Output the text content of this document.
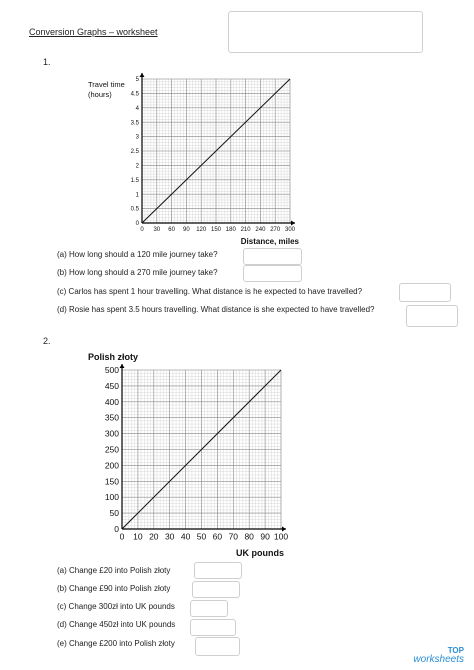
Conversion Graphs – worksheet
1.
0
0.5
1
1.5
2
2.5
3
3.5
4
4.5
5
0 30 60 90 120 150 180 210 240 270 300
Travel time
(hours)
Distance, miles
(a) How long should a 120 mile journey take?
(b) How long should a 270 mile journey take?
(c) Carlos has spent 1 hour travelling. What distance is he expected to have travelled?
(d) Rosie has spent 3.5 hours travelling. What distance is she expected to have travelled?
2.
0
50
100
150
200
250
300
350
400
450
500
0 10 20 30 40 50 60 70 80 90 100
Polish złoty
UK pounds
(a) Change £20 into Polish złoty
(b) Change £90 into Polish złoty
(c) Change 300zł into UK pounds
(d) Change 450zł into UK pounds
(e) Change £200 into Polish złoty
TOP
worksheets
